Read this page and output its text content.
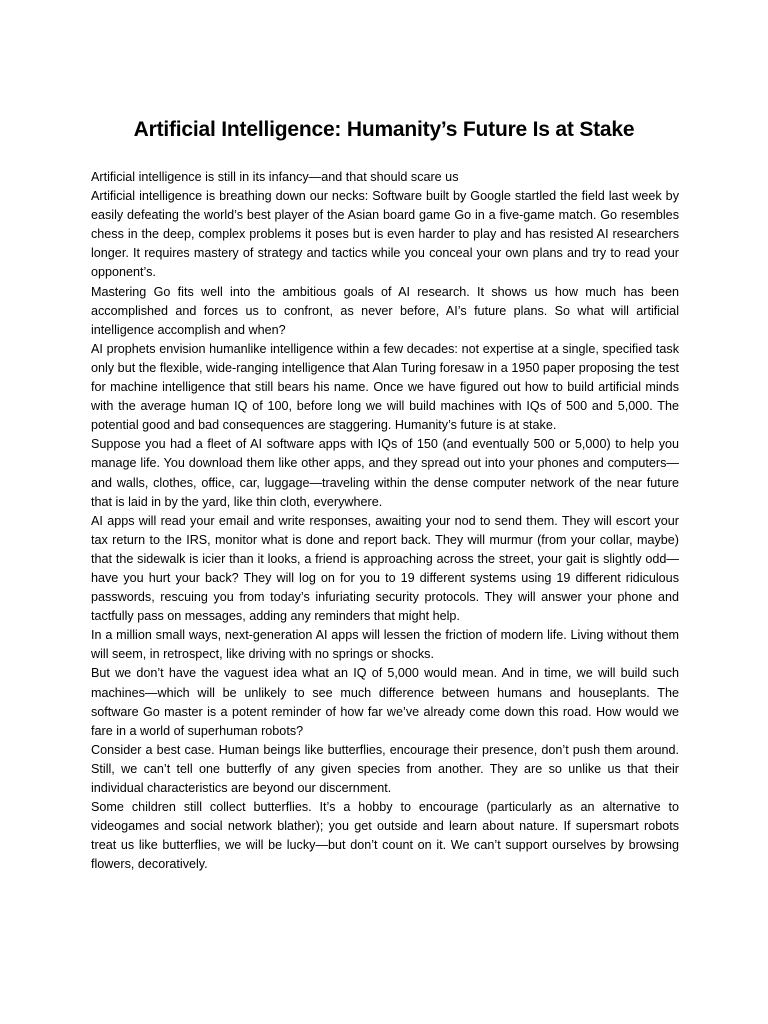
Artificial Intelligence: Humanity’s Future Is at Stake

Artificial intelligence is still in its infancy—and that should scare us

Artificial intelligence is breathing down our necks: Software built by Google startled the field last week by easily defeating the world’s best player of the Asian board game Go in a five-game match. Go resembles chess in the deep, complex problems it poses but is even harder to play and has resisted AI researchers longer. It requires mastery of strategy and tactics while you conceal your own plans and try to read your opponent’s.

Mastering Go fits well into the ambitious goals of AI research. It shows us how much has been accomplished and forces us to confront, as never before, AI’s future plans. So what will artificial intelligence accomplish and when?

AI prophets envision humanlike intelligence within a few decades: not expertise at a single, specified task only but the flexible, wide-ranging intelligence that Alan Turing foresaw in a 1950 paper proposing the test for machine intelligence that still bears his name. Once we have figured out how to build artificial minds with the average human IQ of 100, before long we will build machines with IQs of 500 and 5,000. The potential good and bad consequences are staggering. Humanity’s future is at stake.

Suppose you had a fleet of AI software apps with IQs of 150 (and eventually 500 or 5,000) to help you manage life. You download them like other apps, and they spread out into your phones and computers—and walls, clothes, office, car, luggage—traveling within the dense computer network of the near future that is laid in by the yard, like thin cloth, everywhere.

AI apps will read your email and write responses, awaiting your nod to send them. They will escort your tax return to the IRS, monitor what is done and report back. They will murmur (from your collar, maybe) that the sidewalk is icier than it looks, a friend is approaching across the street, your gait is slightly odd—have you hurt your back? They will log on for you to 19 different systems using 19 different ridiculous passwords, rescuing you from today’s infuriating security protocols. They will answer your phone and tactfully pass on messages, adding any reminders that might help.

In a million small ways, next-generation AI apps will lessen the friction of modern life. Living without them will seem, in retrospect, like driving with no springs or shocks.

But we don’t have the vaguest idea what an IQ of 5,000 would mean. And in time, we will build such machines—which will be unlikely to see much difference between humans and houseplants. The software Go master is a potent reminder of how far we’ve already come down this road. How would we fare in a world of superhuman robots?

Consider a best case. Human beings like butterflies, encourage their presence, don’t push them around. Still, we can’t tell one butterfly of any given species from another. They are so unlike us that their individual characteristics are beyond our discernment.

Some children still collect butterflies. It’s a hobby to encourage (particularly as an alternative to videogames and social network blather); you get outside and learn about nature. If supersmart robots treat us like butterflies, we will be lucky—but don’t count on it. We can’t support ourselves by browsing flowers, decoratively.
